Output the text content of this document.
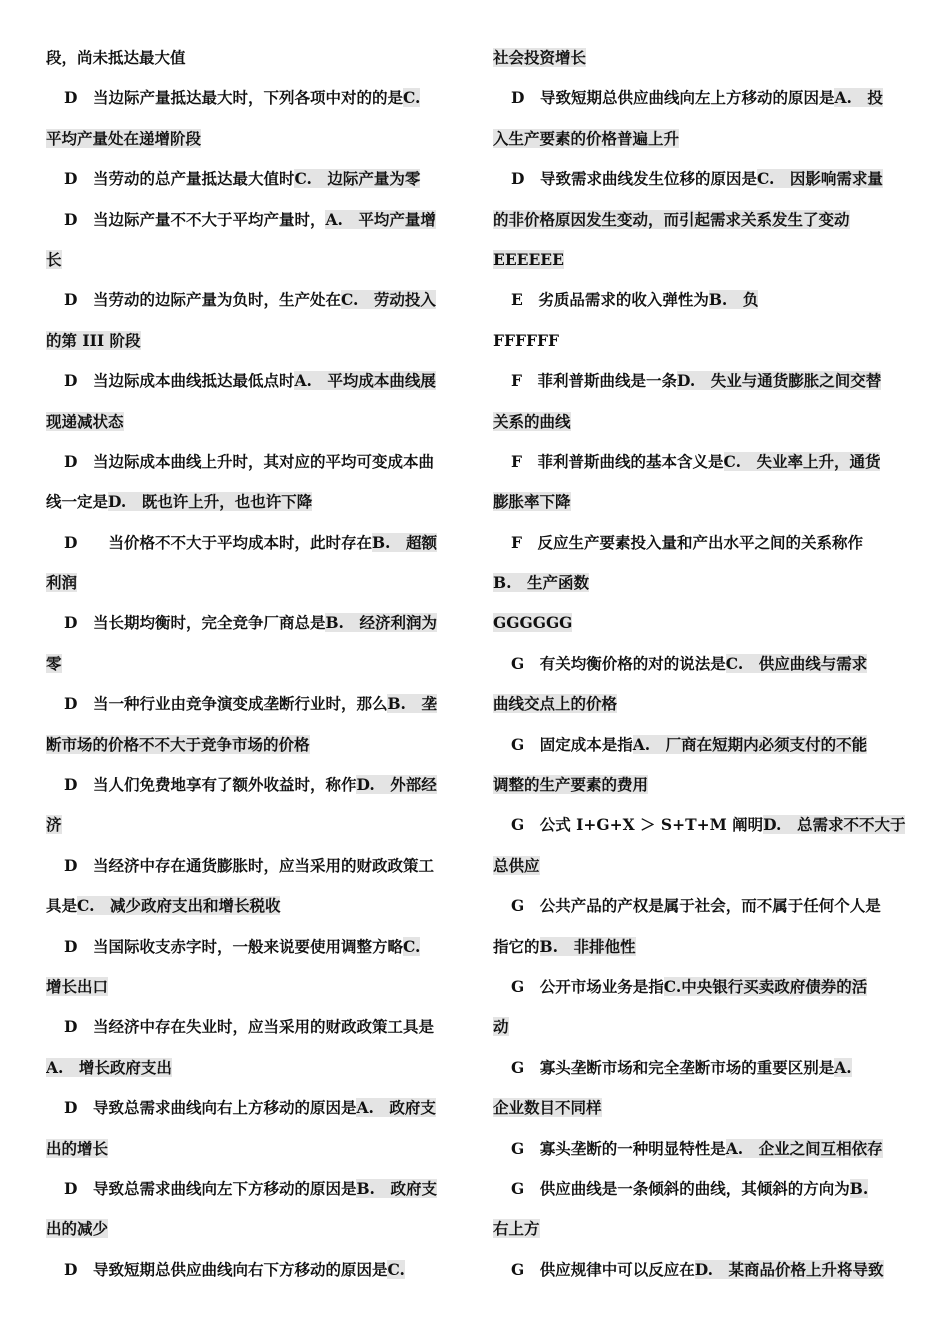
段，尚未抵达最大值
D　当边际产量抵达最大时，下列各项中对的的是C.
平均产量处在递增阶段
D　当劳动的总产量抵达最大值时C.　边际产量为零
D　当边际产量不不大于平均产量时，A.　平均产量增
长
D　当劳动的边际产量为负时，生产处在C.　劳动投入
的第 III 阶段
D　当边际成本曲线抵达最低点时A.　平均成本曲线展
现递减状态
D　当边际成本曲线上升时，其对应的平均可变成本曲
线一定是D.　既也许上升，也也许下降
D　　当价格不不大于平均成本时，此时存在B.　超额
利润
D　当长期均衡时，完全竞争厂商总是B.　经济利润为
零
D　当一种行业由竞争演变成垄断行业时，那么B.　垄
断市场的价格不不大于竞争市场的价格
D　当人们免费地享有了额外收益时，称作D.　外部经
济
D　当经济中存在通货膨胀时，应当采用的财政政策工
具是C.　减少政府支出和增长税收
D　当国际收支赤字时，一般来说要使用调整方略C.
增长出口
D　当经济中存在失业时，应当采用的财政政策工具是
A.　增长政府支出
D　导致总需求曲线向右上方移动的原因是A.　政府支
出的增长
D　导致总需求曲线向左下方移动的原因是B.　政府支
出的减少
D　导致短期总供应曲线向右下方移动的原因是C.
社会投资增长
D　导致短期总供应曲线向左上方移动的原因是A.　投
入生产要素的价格普遍上升
D　导致需求曲线发生位移的原因是C.　因影响需求量
的非价格原因发生变动，而引起需求关系发生了变动
EEEEEE
E　劣质品需求的收入弹性为B.　负
FFFFFF
F　菲利普斯曲线是一条D.　失业与通货膨胀之间交替
关系的曲线
F　菲利普斯曲线的基本含义是C.　失业率上升，通货
膨胀率下降
F　反应生产要素投入量和产出水平之间的关系称作
B.　生产函数
GGGGGG
G　有关均衡价格的对的说法是C.　供应曲线与需求
曲线交点上的价格
G　固定成本是指A.　厂商在短期内必须支付的不能
调整的生产要素的费用
G　公式 I+G+X ＞ S+T+M 阐明D.　总需求不不大于
总供应
G　公共产品的产权是属于社会，而不属于任何个人是
指它的B.　非排他性
G　公开市场业务是指C.中央银行买卖政府债券的活
动
G　寡头垄断市场和完全垄断市场的重要区别是A.
企业数目不同样
G　寡头垄断的一种明显特性是A.　企业之间互相依存
G　供应曲线是一条倾斜的曲线，其倾斜的方向为B.
右上方
G　供应规律中可以反应在D.　某商品价格上升将导致
